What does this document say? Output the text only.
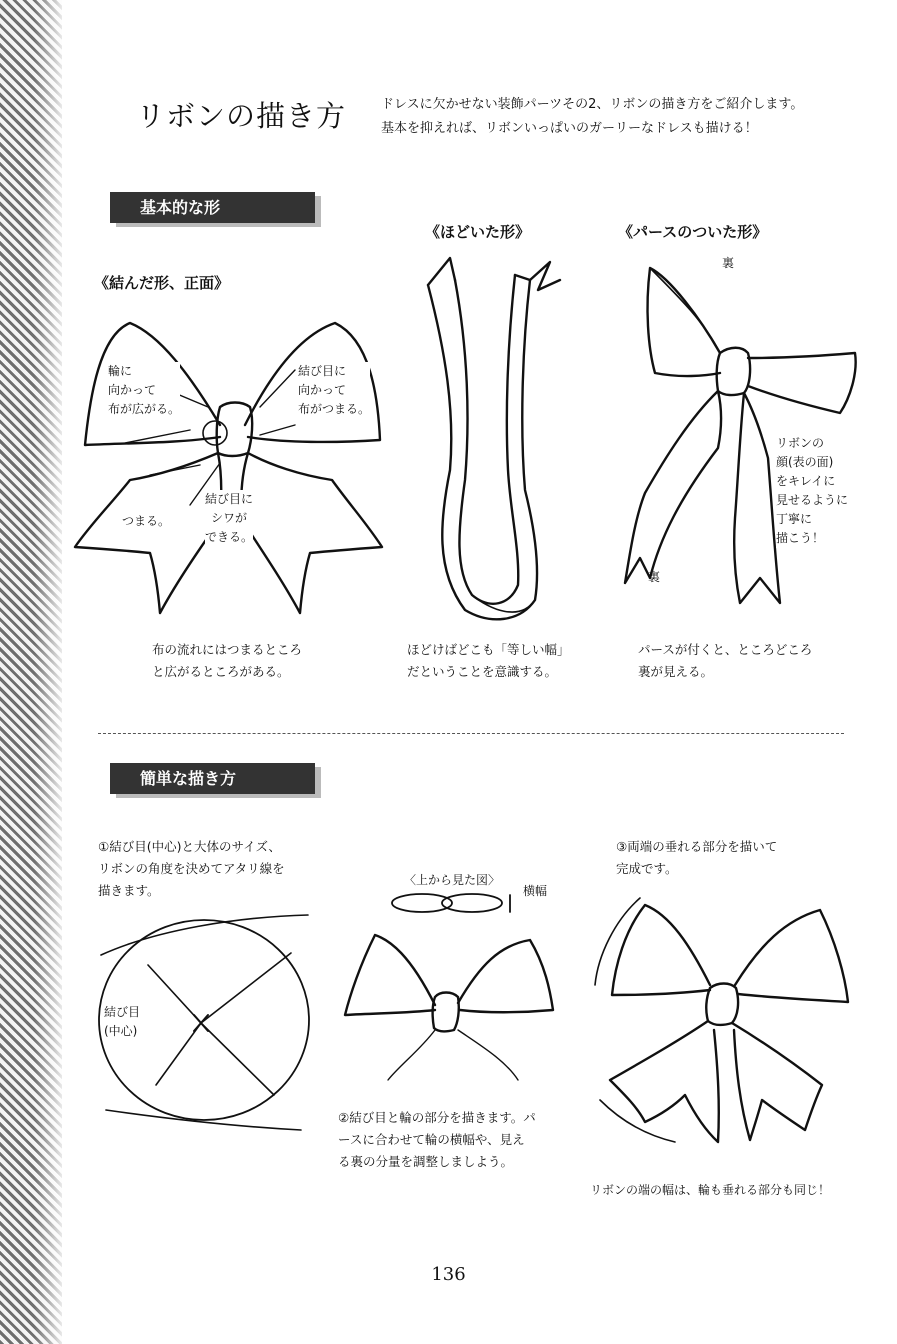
リボンの描き方	ドレスに欠かせない装飾パーツその2、リボンの描き方をご紹介します。
基本を抑えれば、リボンいっぱいのガーリーなドレスも描ける！
基本的な形
《結んだ形、正面》
《ほどいた形》	《パースのついた形》
輪に
向かって
布が広がる。
結び目に
向かって
布がつまる。
結び目に
シワが
できる。
つまる。
裏
裏
リボンの
顔(表の面)
をキレイに
見せるように
丁寧に
描こう！
布の流れにはつまるところ
と広がるところがある。
ほどけばどこも「等しい幅」
だということを意識する。
パースが付くと、ところどころ
裏が見える。
簡単な描き方
①結び目(中心)と大体のサイズ、
リボンの角度を決めてアタリ線を
描きます。
結び目
(中心)
〈上から見た図〉
横幅
②結び目と輪の部分を描きます。パ
ースに合わせて輪の横幅や、見え
る裏の分量を調整しましよう。
③両端の垂れる部分を描いて
完成です。
リボンの端の幅は、輪も垂れる部分も同じ！
136
